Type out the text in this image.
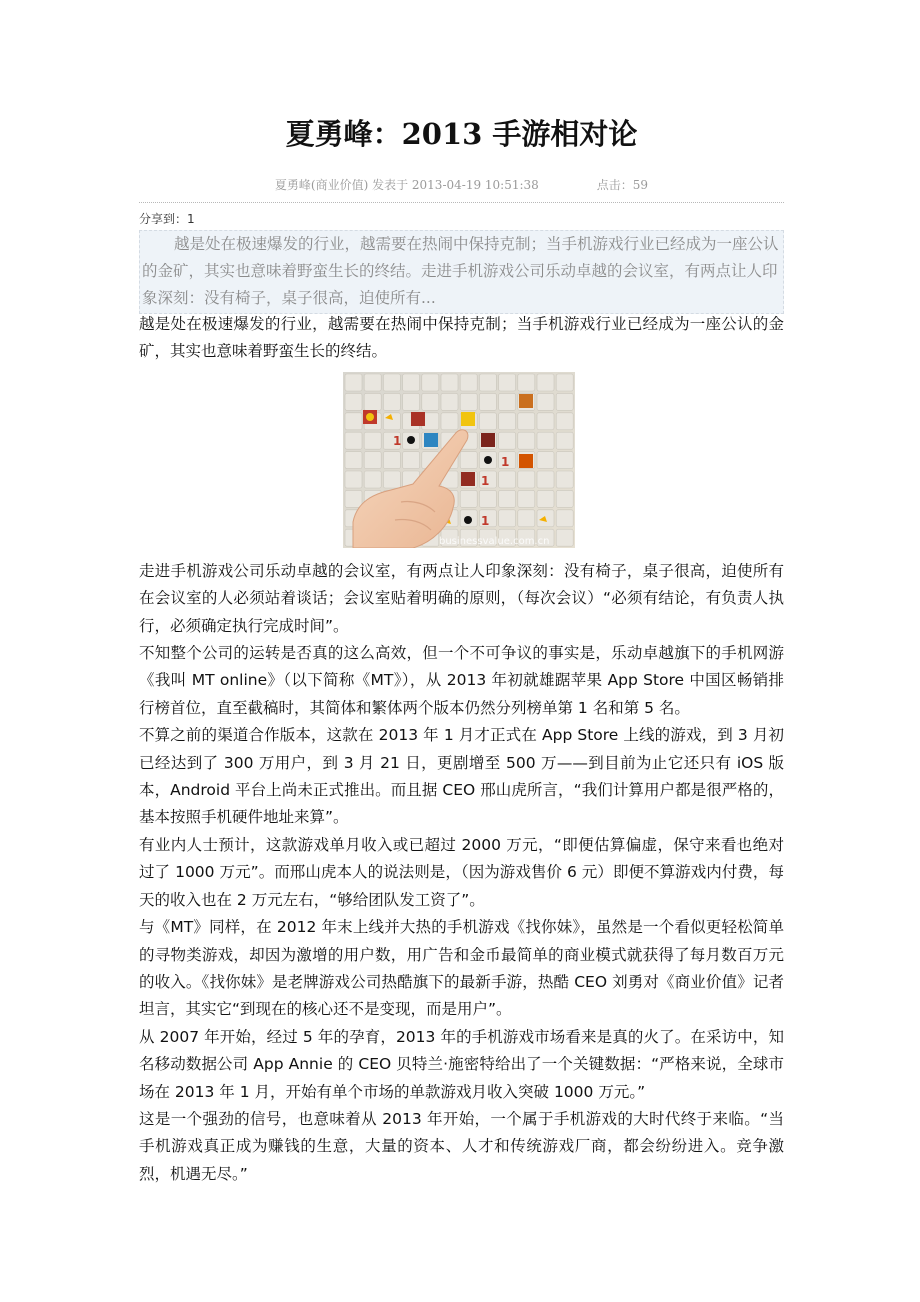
夏勇峰：2013 手游相对论
夏勇峰(商业价值) 发表于 2013-04-19 10:51:38	点击：59
分享到：1

越是处在极速爆发的行业，越需要在热闹中保持克制；当手机游戏行业已经成为一座公认的金矿，其实也意味着野蛮生长的终结。走进手机游戏公司乐动卓越的会议室，有两点让人印象深刻：没有椅子，桌子很高，迫使所有...

越是处在极速爆发的行业，越需要在热闹中保持克制；当手机游戏行业已经成为一座公认的金矿，其实也意味着野蛮生长的终结。

1
1
1
1
businessvalue.com.cn

走进手机游戏公司乐动卓越的会议室，有两点让人印象深刻：没有椅子，桌子很高，迫使所有在会议室的人必须站着谈话；会议室贴着明确的原则，（每次会议）“必须有结论，有负责人执行，必须确定执行完成时间”。

不知整个公司的运转是否真的这么高效，但一个不可争议的事实是，乐动卓越旗下的手机网游《我叫 MT online》（以下简称《MT》），从 2013 年初就雄踞苹果 App Store 中国区畅销排行榜首位，直至截稿时，其简体和繁体两个版本仍然分列榜单第 1 名和第 5 名。

不算之前的渠道合作版本，这款在 2013 年 1 月才正式在 App Store 上线的游戏，到 3 月初已经达到了 300 万用户，到 3 月 21 日，更剧增至 500 万——到目前为止它还只有 iOS 版本，Android 平台上尚未正式推出。而且据 CEO 邢山虎所言，“我们计算用户都是很严格的，基本按照手机硬件地址来算”。

有业内人士预计，这款游戏单月收入或已超过 2000 万元，“即便估算偏虚，保守来看也绝对过了 1000 万元”。而邢山虎本人的说法则是，（因为游戏售价 6 元）即便不算游戏内付费，每天的收入也在 2 万元左右，“够给团队发工资了”。

与《MT》同样，在 2012 年末上线并大热的手机游戏《找你妹》，虽然是一个看似更轻松简单的寻物类游戏，却因为激增的用户数，用广告和金币最简单的商业模式就获得了每月数百万元的收入。《找你妹》是老牌游戏公司热酷旗下的最新手游，热酷 CEO 刘勇对《商业价值》记者坦言，其实它“到现在的核心还不是变现，而是用户”。

从 2007 年开始，经过 5 年的孕育，2013 年的手机游戏市场看来是真的火了。在采访中，知名移动数据公司 App Annie 的 CEO 贝特兰·施密特给出了一个关键数据：“严格来说，全球市场在 2013 年 1 月，开始有单个市场的单款游戏月收入突破 1000 万元。”

这是一个强劲的信号，也意味着从 2013 年开始，一个属于手机游戏的大时代终于来临。“当手机游戏真正成为赚钱的生意，大量的资本、人才和传统游戏厂商，都会纷纷进入。竞争激烈，机遇无尽。”
